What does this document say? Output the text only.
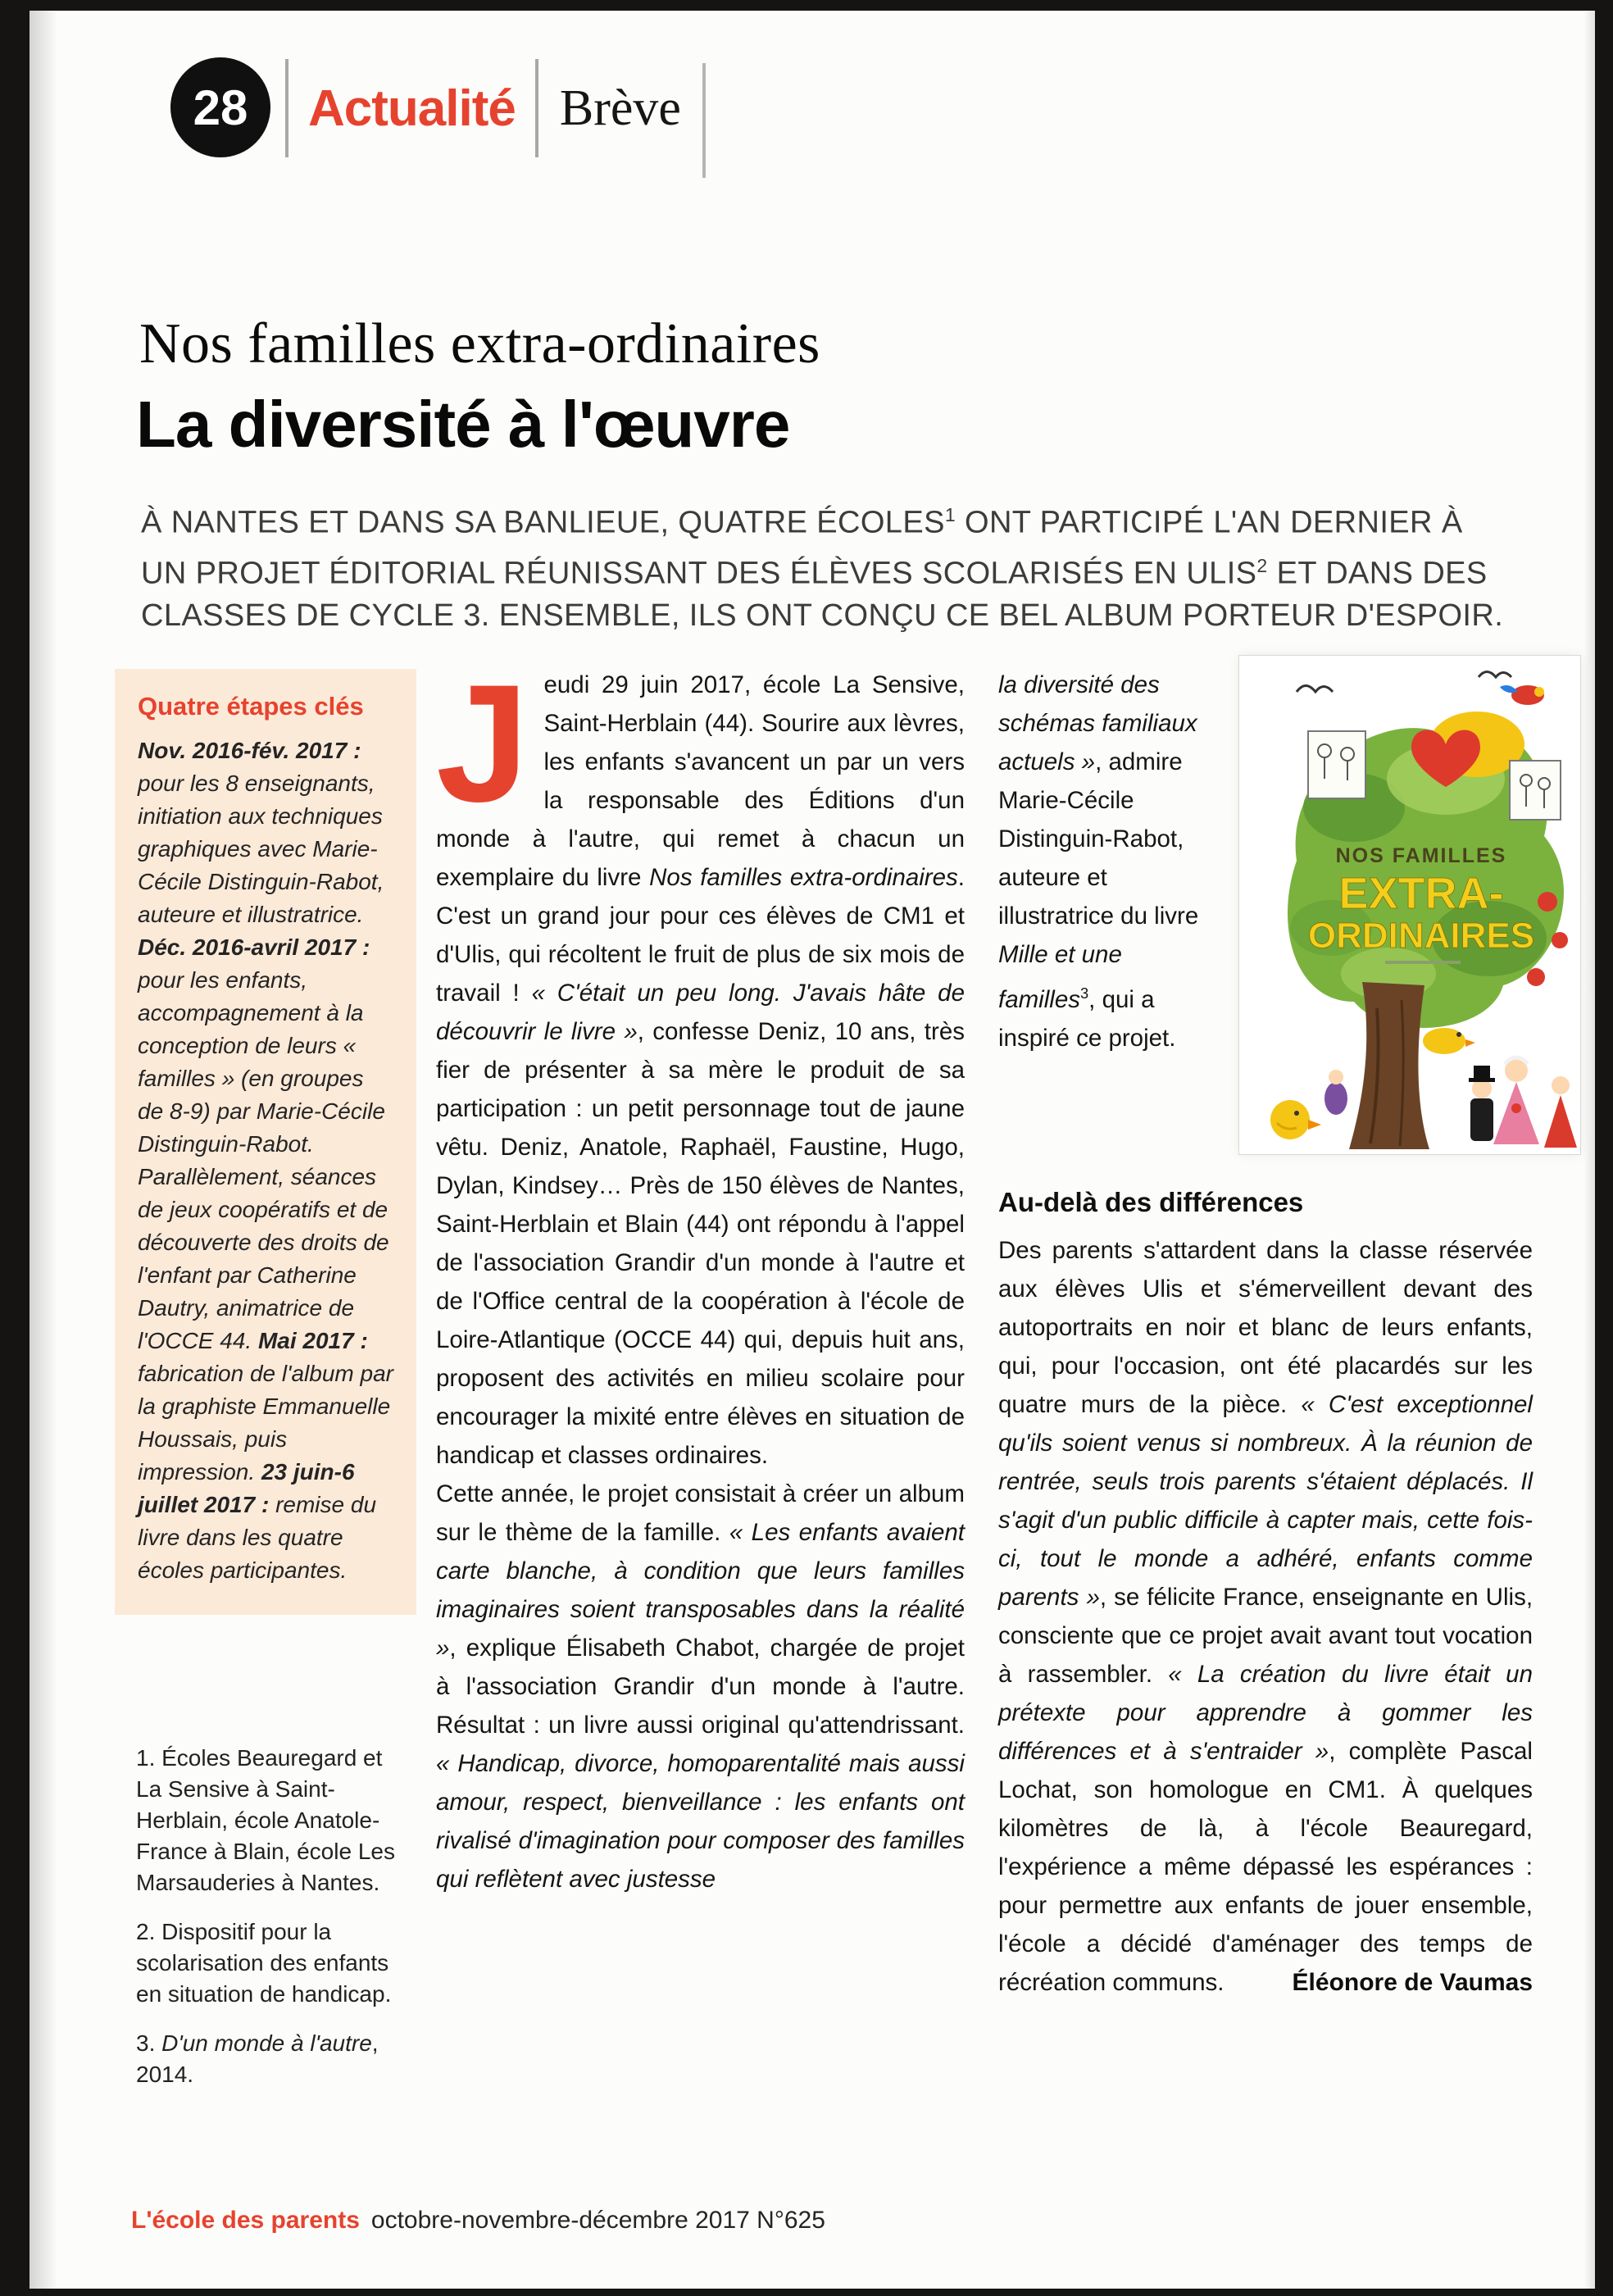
28	Actualité Brève
Nos familles extra-ordinaires
La diversité à l'œuvre
À NANTES ET DANS SA BANLIEUE, QUATRE ÉCOLES$^1$ ONT PARTICIPÉ L'AN DERNIER À UN PROJET ÉDITORIAL RÉUNISSANT DES ÉLÈVES SCOLARISÉS EN ULIS$^2$ ET DANS DES CLASSES DE CYCLE 3. ENSEMBLE, ILS ONT CONÇU CE BEL ALBUM PORTEUR D'ESPOIR.
Quatre étapes clés
Nov. 2016-fév. 2017 : pour les 8 enseignants, initiation aux techniques graphiques avec Marie-Cécile Distinguin-Rabot, auteure et illustratrice. Déc. 2016-avril 2017 : pour les enfants, accompagnement à la conception de leurs « familles » (en groupes de 8-9) par Marie-Cécile Distinguin-Rabot. Parallèlement, séances de jeux coopératifs et de découverte des droits de l'enfant par Catherine Dautry, animatrice de l'OCCE 44. Mai 2017 : fabrication de l'album par la graphiste Emmanuelle Houssais, puis impression. 23 juin-6 juillet 2017 : remise du livre dans les quatre écoles participantes.

1. Écoles Beauregard et La Sensive à Saint-Herblain, école Anatole-France à Blain, école Les Marsauderies à Nantes.

2. Dispositif pour la scolarisation des enfants en situation de handicap.

3. D'un monde à l'autre, 2014.

Jeudi 29 juin 2017, école La Sensive, Saint-Herblain (44). Sourire aux lèvres, les enfants s'avancent un par un vers la responsable des Éditions d'un monde à l'autre, qui remet à chacun un exemplaire du livre Nos familles extra-ordinaires. C'est un grand jour pour ces élèves de CM1 et d'Ulis, qui récoltent le fruit de plus de six mois de travail ! « C'était un peu long. J'avais hâte de découvrir le livre », confesse Deniz, 10 ans, très fier de présenter à sa mère le produit de sa participation : un petit personnage tout de jaune vêtu. Deniz, Anatole, Raphaël, Faustine, Hugo, Dylan, Kindsey… Près de 150 élèves de Nantes, Saint-Herblain et Blain (44) ont répondu à l'appel de l'association Grandir d'un monde à l'autre et de l'Office central de la coopération à l'école de Loire-Atlantique (OCCE 44) qui, depuis huit ans, proposent des activités en milieu scolaire pour encourager la mixité entre élèves en situation de handicap et classes ordinaires.

Cette année, le projet consistait à créer un album sur le thème de la famille. « Les enfants avaient carte blanche, à condition que leurs familles imaginaires soient transposables dans la réalité », explique Élisabeth Chabot, chargée de projet à l'association Grandir d'un monde à l'autre. Résultat : un livre aussi original qu'attendrissant. « Handicap, divorce, homoparentalité mais aussi amour, respect, bienveillance : les enfants ont rivalisé d'imagination pour composer des familles qui reflètent avec justesse

la diversité des schémas familiaux actuels », admire Marie-Cécile Distinguin-Rabot, auteure et illustratrice du livre Mille et une familles$^3$, qui a inspiré ce projet.
NOS FAMILLES
EXTRA-
ORDINAIRES
Au-delà des différences

Des parents s'attardent dans la classe réservée aux élèves Ulis et s'émerveillent devant des autoportraits en noir et blanc de leurs enfants, qui, pour l'occasion, ont été placardés sur les quatre murs de la pièce. « C'est exceptionnel qu'ils soient venus si nombreux. À la réunion de rentrée, seuls trois parents s'étaient déplacés. Il s'agit d'un public difficile à capter mais, cette fois-ci, tout le monde a adhéré, enfants comme parents », se félicite France, enseignante en Ulis, consciente que ce projet avait avant tout vocation à rassembler. « La création du livre était un prétexte pour apprendre à gommer les différences et à s'entraider », complète Pascal Lochat, son homologue en CM1. À quelques kilomètres de là, à l'école Beauregard, l'expérience a même dépassé les espérances : pour permettre aux enfants de jouer ensemble, l'école a décidé d'aménager des temps de récréation communs.	Éléonore de Vaumas
L'école des parents octobre-novembre-décembre 2017 N°625
